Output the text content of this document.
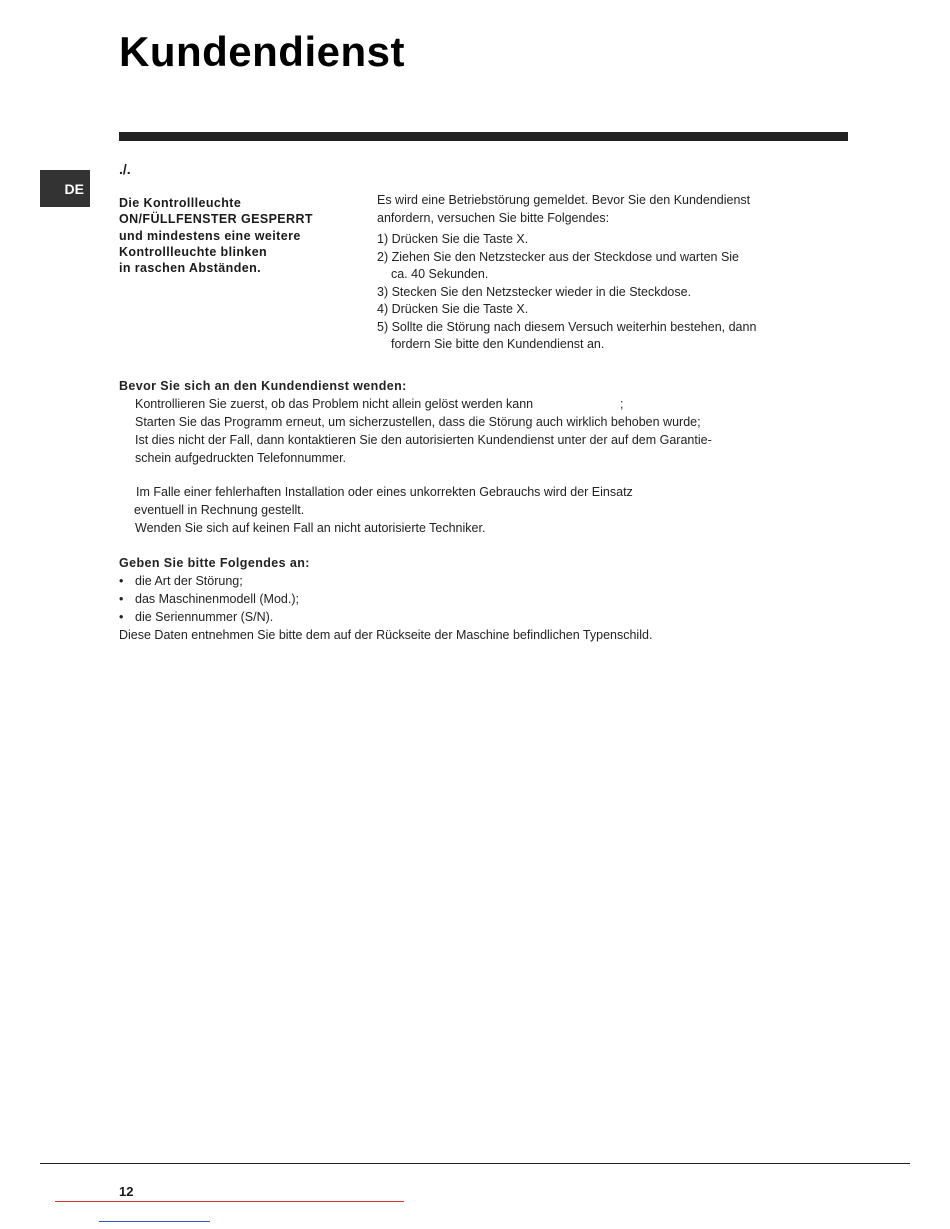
Kundendienst
./.
DE
Die Kontrollleuchte
ON/FÜLLFENSTER GESPERRT
und mindestens eine weitere
Kontrollleuchte blinken
in raschen Abständen.

Es wird eine Betriebstörung gemeldet. Bevor Sie den Kundendienst

anfordern, versuchen Sie bitte Folgendes:

1) Drücken Sie die Taste X.
2) Ziehen Sie den Netzstecker aus der Steckdose und warten Sie
ca. 40 Sekunden.
3) Stecken Sie den Netzstecker wieder in die Steckdose.
4) Drücken Sie die Taste X.
5) Sollte die Störung nach diesem Versuch weiterhin bestehen, dann
fordern Sie bitte den Kundendienst an.
Bevor Sie sich an den Kundendienst wenden:

Kontrollieren Sie zuerst, ob das Problem nicht allein gelöst werden kann                         ;

Starten Sie das Programm erneut, um sicherzustellen, dass die Störung auch wirklich behoben wurde;

Ist dies nicht der Fall, dann kontaktieren Sie den autorisierten Kundendienst unter der auf dem Garantie-

schein aufgedruckten Telefonnummer.

Im Falle einer fehlerhaften Installation oder eines unkorrekten Gebrauchs wird der Einsatz

eventuell in Rechnung gestellt.

Wenden Sie sich auf keinen Fall an nicht autorisierte Techniker.

Geben Sie bitte Folgendes an:
• die Art der Störung;
• das Maschinenmodell (Mod.);
• die Seriennummer (S/N).

Diese Daten entnehmen Sie bitte dem auf der Rückseite der Maschine befindlichen Typenschild.

12
